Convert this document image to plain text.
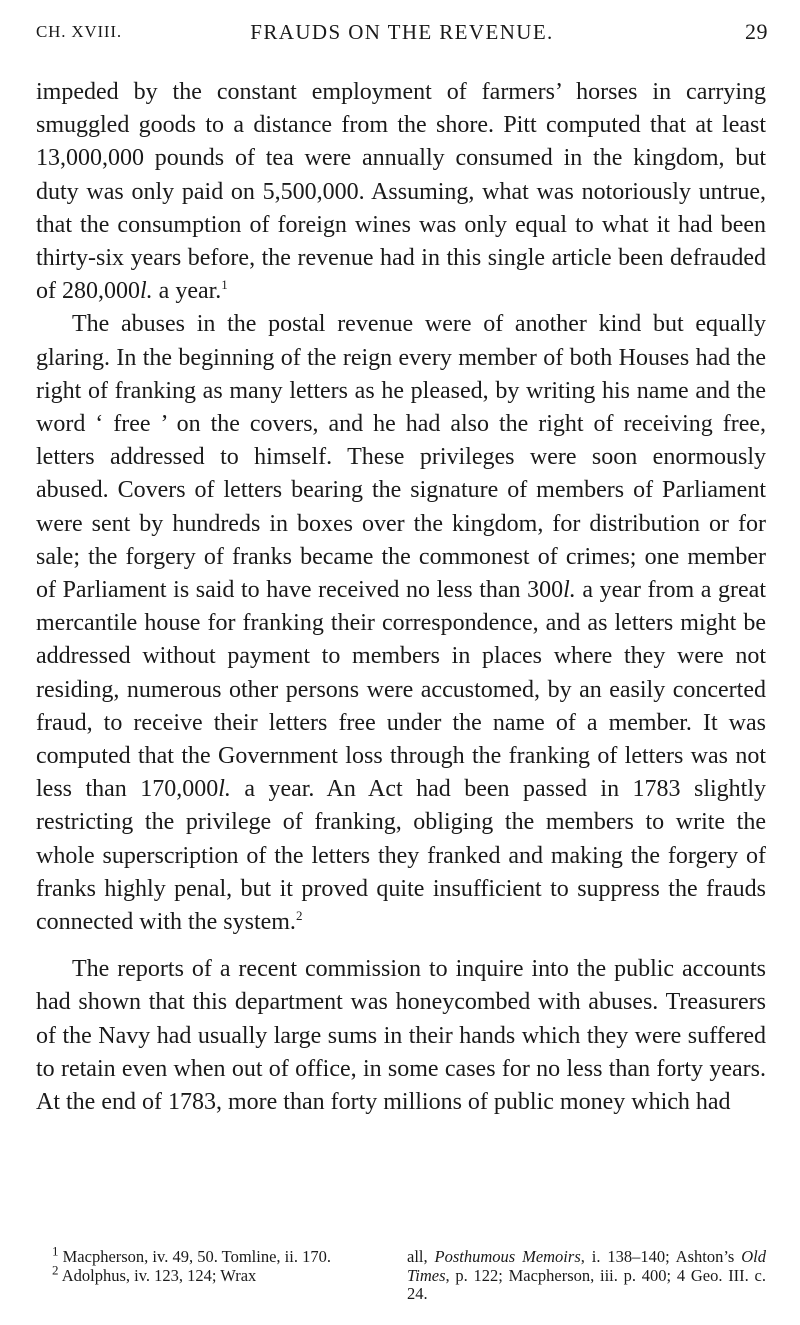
CH. XVIII.	FRAUDS ON THE REVENUE.	29

impeded by the constant employment of farmers’ horses in carrying smuggled goods to a distance from the shore. Pitt computed that at least 13,000,000 pounds of tea were annually consumed in the kingdom, but duty was only paid on 5,500,000. Assuming, what was notoriously untrue, that the consumption of foreign wines was only equal to what it had been thirty-six years before, the revenue had in this single article been defrauded of 280,000l. a year.$^1$

The abuses in the postal revenue were of another kind but equally glaring. In the beginning of the reign every member of both Houses had the right of franking as many letters as he pleased, by writing his name and the word ‘ free ’ on the covers, and he had also the right of receiving free, letters addressed to himself. These privileges were soon enormously abused. Covers of letters bearing the signature of members of Parliament were sent by hundreds in boxes over the kingdom, for distribution or for sale; the forgery of franks became the commonest of crimes; one member of Parliament is said to have received no less than 300l. a year from a great mercantile house for franking their correspondence, and as letters might be addressed without payment to members in places where they were not residing, numerous other persons were accustomed, by an easily concerted fraud, to receive their letters free under the name of a member. It was computed that the Government loss through the franking of letters was not less than 170,000l. a year. An Act had been passed in 1783 slightly restricting the privilege of franking, obliging the members to write the whole superscription of the letters they franked and making the forgery of franks highly penal, but it proved quite insufficient to suppress the frauds connected with the system.$^2$

The reports of a recent commission to inquire into the public accounts had shown that this department was honeycombed with abuses. Treasurers of the Navy had usually large sums in their hands which they were suffered to retain even when out of office, in some cases for no less than forty years. At the end of 1783, more than forty millions of public money which had

$^1$ Macpherson, iv. 49, 50. Tomline, ii. 170.

$^2$ Adolphus, iv. 123, 124; Wrax

all, Posthumous Memoirs, i. 138–140; Ashton’s Old Times, p. 122; Macpherson, iii. p. 400; 4 Geo. III. c. 24.
